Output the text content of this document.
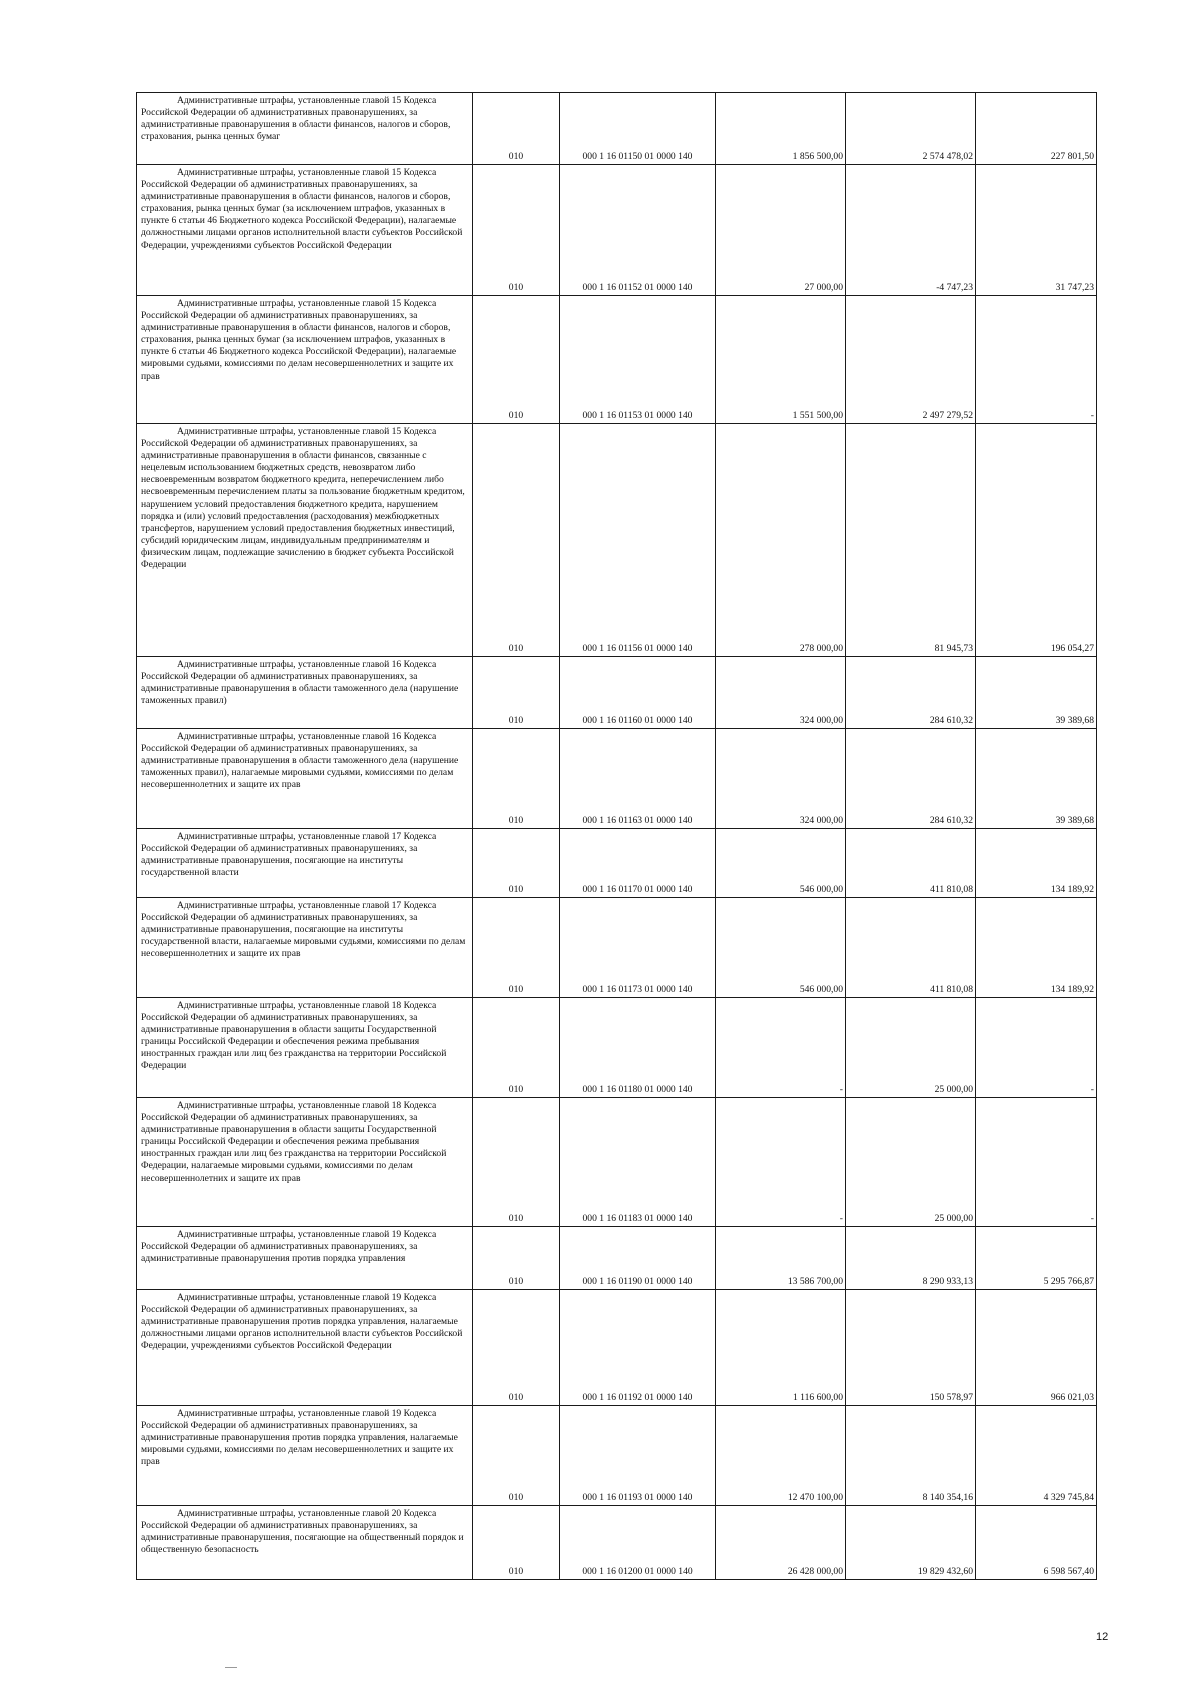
Административные штрафы, установленные главой 15 Кодекса Российской Федерации об административных правонарушениях, за административные правонарушения в области финансов, налогов и сборов, страхования, рынка ценных бумаг	010	000 1 16 01150 01 0000 140	1 856 500,00	2 574 478,02	227 801,50
Административные штрафы, установленные главой 15 Кодекса Российской Федерации об административных правонарушениях, за административные правонарушения в области финансов, налогов и сборов, страхования, рынка ценных бумаг (за исключением штрафов, указанных в пункте 6 статьи 46 Бюджетного кодекса Российской Федерации), налагаемые должностными лицами органов исполнительной власти субъектов Российской Федерации, учреждениями субъектов Российской Федерации	010	000 1 16 01152 01 0000 140	27 000,00	-4 747,23	31 747,23
Административные штрафы, установленные главой 15 Кодекса Российской Федерации об административных правонарушениях, за административные правонарушения в области финансов, налогов и сборов, страхования, рынка ценных бумаг (за исключением штрафов, указанных в пункте 6 статьи 46 Бюджетного кодекса Российской Федерации), налагаемые мировыми судьями, комиссиями по делам несовершеннолетних и защите их прав	010	000 1 16 01153 01 0000 140	1 551 500,00	2 497 279,52	-
Административные штрафы, установленные главой 15 Кодекса Российской Федерации об административных правонарушениях, за административные правонарушения в области финансов, связанные с нецелевым использованием бюджетных средств, невозвратом либо несвоевременным возвратом бюджетного кредита, неперечислением либо несвоевременным перечислением платы за пользование бюджетным кредитом, нарушением условий предоставления бюджетного кредита, нарушением порядка и (или) условий предоставления (расходования) межбюджетных трансфертов, нарушением условий предоставления бюджетных инвестиций, субсидий юридическим лицам, индивидуальным предпринимателям и физическим лицам, подлежащие зачислению в бюджет субъекта Российской Федерации	010	000 1 16 01156 01 0000 140	278 000,00	81 945,73	196 054,27
Административные штрафы, установленные главой 16 Кодекса Российской Федерации об административных правонарушениях, за административные правонарушения в области таможенного дела (нарушение таможенных правил)	010	000 1 16 01160 01 0000 140	324 000,00	284 610,32	39 389,68
Административные штрафы, установленные главой 16 Кодекса Российской Федерации об административных правонарушениях, за административные правонарушения в области таможенного дела (нарушение таможенных правил), налагаемые мировыми судьями, комиссиями по делам несовершеннолетних и защите их прав	010	000 1 16 01163 01 0000 140	324 000,00	284 610,32	39 389,68
Административные штрафы, установленные главой 17 Кодекса Российской Федерации об административных правонарушениях, за административные правонарушения, посягающие на институты государственной власти	010	000 1 16 01170 01 0000 140	546 000,00	411 810,08	134 189,92
Административные штрафы, установленные главой 17 Кодекса Российской Федерации об административных правонарушениях, за административные правонарушения, посягающие на институты государственной власти, налагаемые мировыми судьями, комиссиями по делам несовершеннолетних и защите их прав	010	000 1 16 01173 01 0000 140	546 000,00	411 810,08	134 189,92
Административные штрафы, установленные главой 18 Кодекса Российской Федерации об административных правонарушениях, за административные правонарушения в области защиты Государственной границы Российской Федерации и обеспечения режима пребывания иностранных граждан или лиц без гражданства на территории Российской Федерации	010	000 1 16 01180 01 0000 140	-	25 000,00	-
Административные штрафы, установленные главой 18 Кодекса Российской Федерации об административных правонарушениях, за административные правонарушения в области защиты Государственной границы Российской Федерации и обеспечения режима пребывания иностранных граждан или лиц без гражданства на территории Российской Федерации, налагаемые мировыми судьями, комиссиями по делам несовершеннолетних и защите их прав	010	000 1 16 01183 01 0000 140	-	25 000,00	-
Административные штрафы, установленные главой 19 Кодекса Российской Федерации об административных правонарушениях, за административные правонарушения против порядка управления	010	000 1 16 01190 01 0000 140	13 586 700,00	8 290 933,13	5 295 766,87
Административные штрафы, установленные главой 19 Кодекса Российской Федерации об административных правонарушениях, за административные правонарушения против порядка управления, налагаемые должностными лицами органов исполнительной власти субъектов Российской Федерации, учреждениями субъектов Российской Федерации	010	000 1 16 01192 01 0000 140	1 116 600,00	150 578,97	966 021,03
Административные штрафы, установленные главой 19 Кодекса Российской Федерации об административных правонарушениях, за административные правонарушения против порядка управления, налагаемые мировыми судьями, комиссиями по делам несовершеннолетних и защите их прав	010	000 1 16 01193 01 0000 140	12 470 100,00	8 140 354,16	4 329 745,84
Административные штрафы, установленные главой 20 Кодекса Российской Федерации об административных правонарушениях, за административные правонарушения, посягающие на общественный порядок и общественную безопасность	010	000 1 16 01200 01 0000 140	26 428 000,00	19 829 432,60	6 598 567,40
12
